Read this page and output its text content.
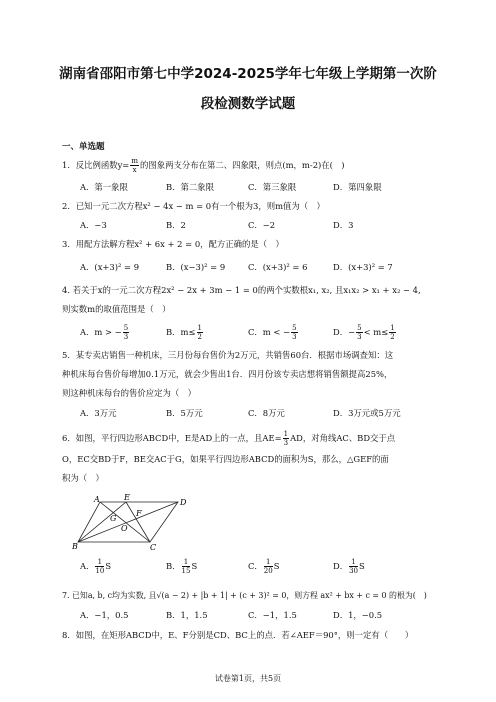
湖南省邵阳市第七中学2024-2025学年七年级上学期第一次阶
段检测数学试题
一、单选题
1．反比例函数$y= \frac{m}{x}$ 的图象两支分布在第二、四象限，则点(m，m-2)在(　)
A．第一象限	B．第二象限	C．第三象限	D．第四象限
2．已知一元二次方程x² − 4x − m = 0有一个根为3，则m值为（　）
A．−3	B．2	C．−2	D．3
3．用配方法解方程x² + 6x + 2 = 0，配方正确的是（　）
A．(x+3)² = 9	B．(x−3)² = 9	C．(x+3)² = 6	D．(x+3)² = 7
4. 若关于x的一元二次方程2x² − 2x + 3m − 1 = 0的两个实数根x₁, x₂, 且x₁x₂ > x₁ + x₂ − 4,
则实数m的取值范围是（　）
A．m > − $\frac{5}{3}$	B．$m\le \frac{1}{2}$	C．m < − $\frac{5}{3}$	D．− $\frac{5}{3} < m\le \frac{1}{2}$
5．某专卖店销售一种机床，三月份每台售价为2万元，共销售60台．根据市场调查知：这
种机床每台售价每增加0.1万元，就会少售出1台．四月份该专卖店想将销售额提高25%，
则这种机床每台的售价应定为（　）
A．3万元	B．5万元	C．8万元	D．3万元或5万元
6．如图，平行四边形ABCD中，E是AD上的一点，且$AE= \frac{1}{3}$ AD，对角线AC、BD交于点
O，EC交BD于F，BE交AC于G，如果平行四边形ABCD的面积为S，那么，△GEF的面
积为（　）
A
B	C
D
E
F
G
O
A． $\frac{1}{10}$ S	B． $\frac{1}{15}$ S	C． $\frac{1}{20}$ S	D． $\frac{1}{30}$ S
7. 已知a, b, c均为实数, 且√(a − 2) + |b + 1| + (c + 3)² = 0，则方程 ax² + bx + c = 0 的根为(　)
A．−1，0.5	B．1，1.5	C．−1，1.5	D．1，−0.5
8．如图，在矩形ABCD中，E、F分别是CD、BC上的点．若∠AEF＝90°，则一定有（　　）
试卷第1页，共5页
